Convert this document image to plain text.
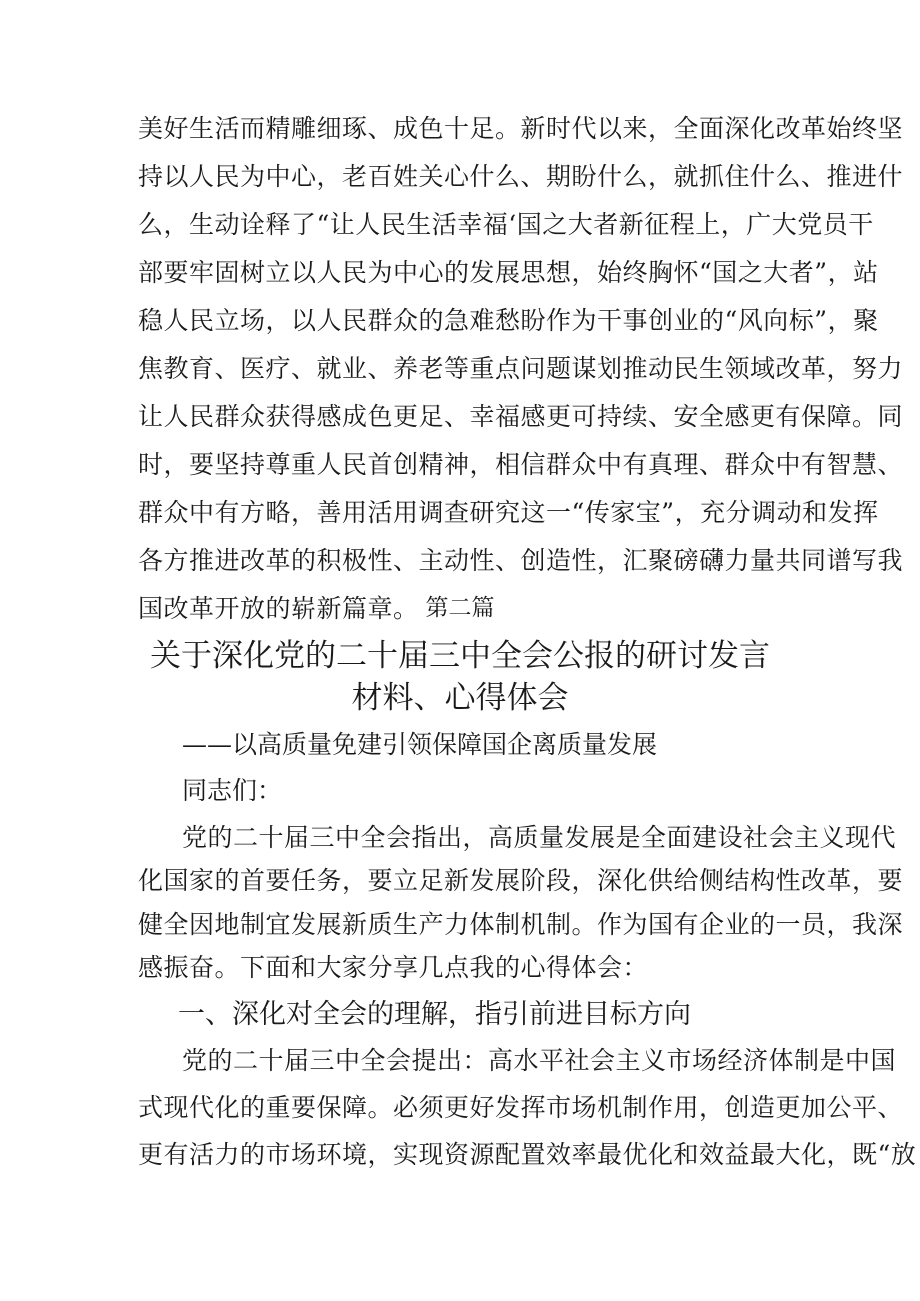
美好生活而精雕细琢、成色十足。新时代以来，全面深化改革始终坚
持以人民为中心，老百姓关心什么、期盼什么，就抓住什么、推进什
么，生动诠释了“让人民生活幸福‘国之大者新征程上，广大党员干
部要牢固树立以人民为中心的发展思想，始终胸怀“国之大者”，站
稳人民立场，以人民群众的急难愁盼作为干事创业的“风向标”，聚
焦教育、医疗、就业、养老等重点问题谋划推动民生领域改革，努力
让人民群众获得感成色更足、幸福感更可持续、安全感更有保障。同
时，要坚持尊重人民首创精神，相信群众中有真理、群众中有智慧、
群众中有方略，善用活用调查研究这一“传家宝”，充分调动和发挥
各方推进改革的积极性、主动性、创造性，汇聚磅礴力量共同谱写我
国改革开放的崭新篇章。 第二篇
关于深化党的二十届三中全会公报的研讨发言
材料、心得体会
——以高质量免建引领保障国企离质量发展
同志们：
党的二十届三中全会指出，高质量发展是全面建设社会主义现代
化国家的首要任务，要立足新发展阶段，深化供给侧结构性改革，要
健全因地制宜发展新质生产力体制机制。作为国有企业的一员，我深
感振奋。下面和大家分享几点我的心得体会：
一、深化对全会的理解，指引前进目标方向
党的二十届三中全会提出：高水平社会主义市场经济体制是中国
式现代化的重要保障。必须更好发挥市场机制作用，创造更加公平、
更有活力的市场环境，实现资源配置效率最优化和效益最大化，既“放
